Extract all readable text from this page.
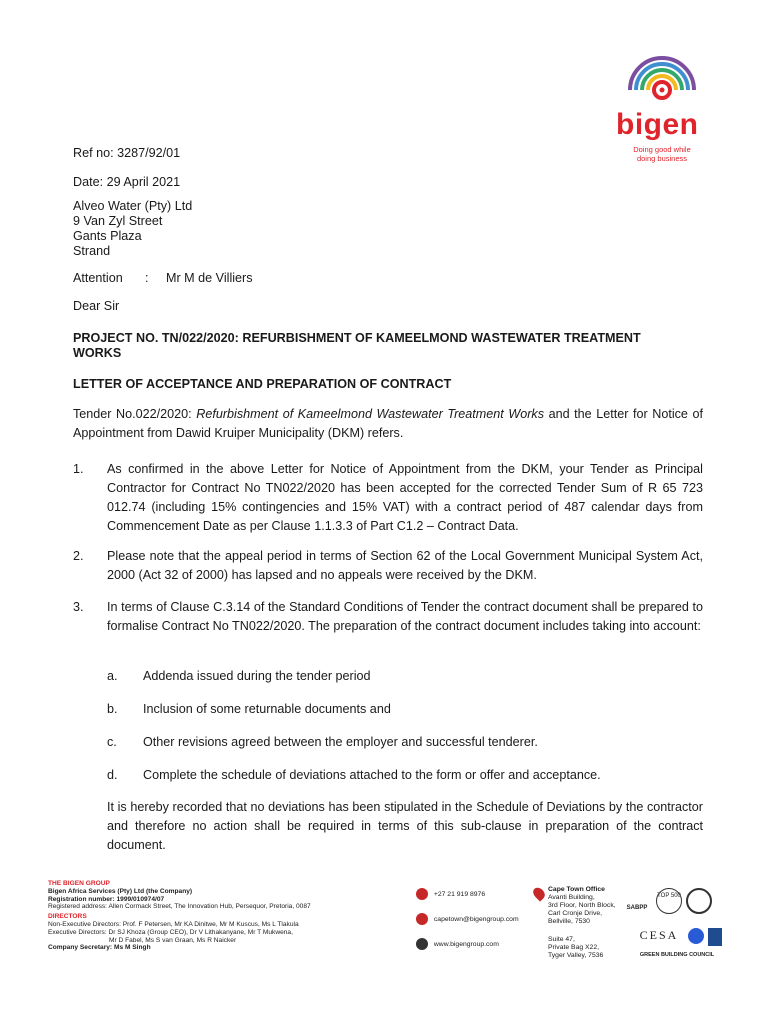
bigen
Doing good while
doing business
Ref no: 3287/92/01
Date: 29 April 2021
Alveo Water (Pty) Ltd
9 Van Zyl Street
Gants Plaza
Strand
Attention : Mr M de Villiers
Dear Sir
PROJECT NO. TN/022/2020: REFURBISHMENT OF KAMEELMOND WASTEWATER TREATMENT
WORKS
LETTER OF ACCEPTANCE AND PREPARATION OF CONTRACT
Tender No.022/2020: Refurbishment of Kameelmond Wastewater Treatment Works and the Letter for Notice of Appointment from Dawid Kruiper Municipality (DKM) refers.
1. As confirmed in the above Letter for Notice of Appointment from the DKM, your Tender as Principal Contractor for Contract No TN022/2020 has been accepted for the corrected Tender Sum of R 65 723 012.74 (including 15% contingencies and 15% VAT) with a contract period of 487 calendar days from Commencement Date as per Clause 1.1.3.3 of Part C1.2 – Contract Data.
2. Please note that the appeal period in terms of Section 62 of the Local Government Municipal System Act, 2000 (Act 32 of 2000) has lapsed and no appeals were received by the DKM.
3. In terms of Clause C.3.14 of the Standard Conditions of Tender the contract document shall be prepared to formalise Contract No TN022/2020. The preparation of the contract document includes taking into account:
a. Addenda issued during the tender period
b. Inclusion of some returnable documents and
c. Other revisions agreed between the employer and successful tenderer.
d. Complete the schedule of deviations attached to the form or offer and acceptance.
It is hereby recorded that no deviations has been stipulated in the Schedule of Deviations by the contractor and therefore no action shall be required in terms of this sub-clause in preparation of the contract document.
THE BIGEN GROUP
Bigen Africa Services (Pty) Ltd (the Company)
Registration number: 1999/010974/07
Registered address: Allen Cormack Street, The Innovation Hub, Persequor, Pretoria, 0087
DIRECTORS
Non-Executive Directors: Prof. F Petersen, Mr KA Dinitwe, Mr M Kuscus, Ms L Tlakula
Executive Directors: Dr SJ Khoza (Group CEO), Dr V Lithakanyane, Mr T Mukwena,
Mr D Fabel, Ms S van Graan, Ms R Naicker
Company Secretary: Ms M Singh
+27 21 919 8976
capetown@bigengroup.com
www.bigengroup.com
Cape Town Office
Avanti Building,
3rd Floor, North Block,
Carl Cronje Drive,
Bellville, 7530
Suite 47,
Private Bag X22,
Tyger Valley, 7536
SABPP
TOP 500
CESA
GREEN BUILDING COUNCIL
